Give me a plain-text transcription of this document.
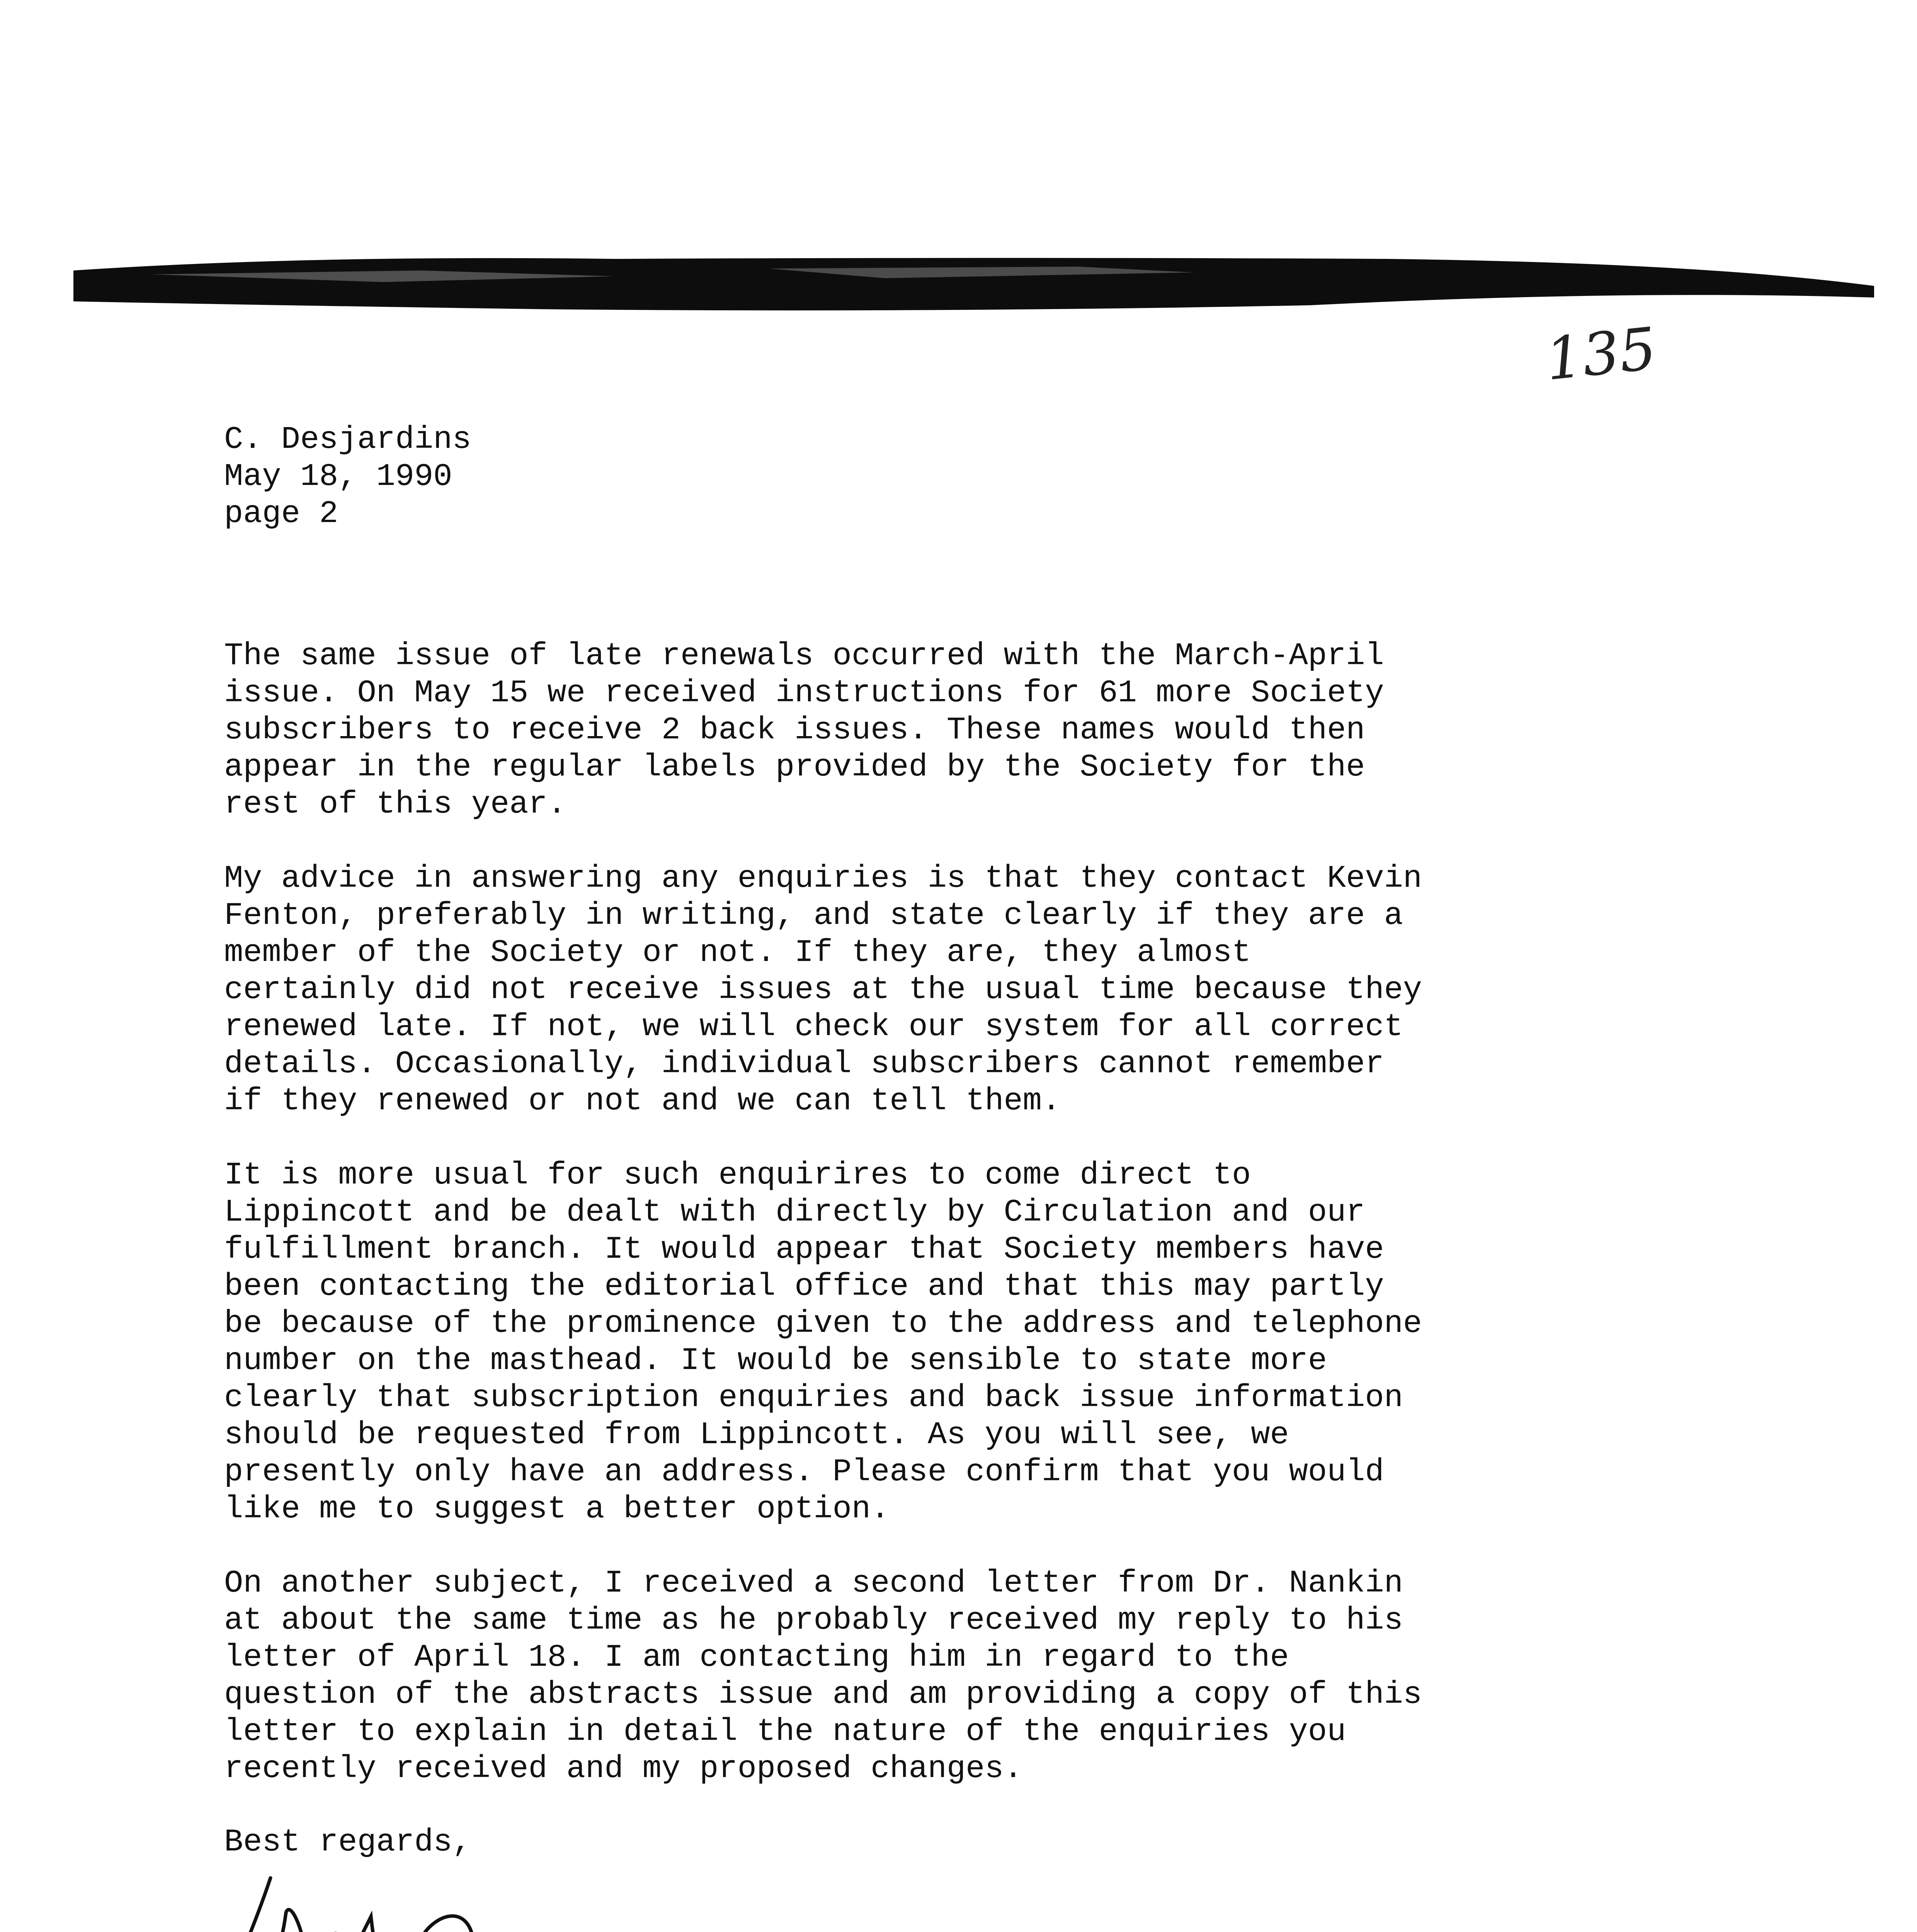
135
C. Desjardins
May 18, 1990
page 2

The same issue of late renewals occurred with the March-April
issue. On May 15 we received instructions for 61 more Society
subscribers to receive 2 back issues. These names would then
appear in the regular labels provided by the Society for the
rest of this year.

My advice in answering any enquiries is that they contact Kevin
Fenton, preferably in writing, and state clearly if they are a
member of the Society or not. If they are, they almost
certainly did not receive issues at the usual time because they
renewed late. If not, we will check our system for all correct
details. Occasionally, individual subscribers cannot remember
if they renewed or not and we can tell them.

It is more usual for such enquirires to come direct to
Lippincott and be dealt with directly by Circulation and our
fulfillment branch. It would appear that Society members have
been contacting the editorial office and that this may partly
be because of the prominence given to the address and telephone
number on the masthead. It would be sensible to state more
clearly that subscription enquiries and back issue information
should be requested from Lippincott. As you will see, we
presently only have an address. Please confirm that you would
like me to suggest a better option.

On another subject, I received a second letter from Dr. Nankin
at about the same time as he probably received my reply to his
letter of April 18. I am contacting him in regard to the
question of the abstracts issue and am providing a copy of this
letter to explain in detail the nature of the enquiries you
recently received and my proposed changes.

Best regards,
